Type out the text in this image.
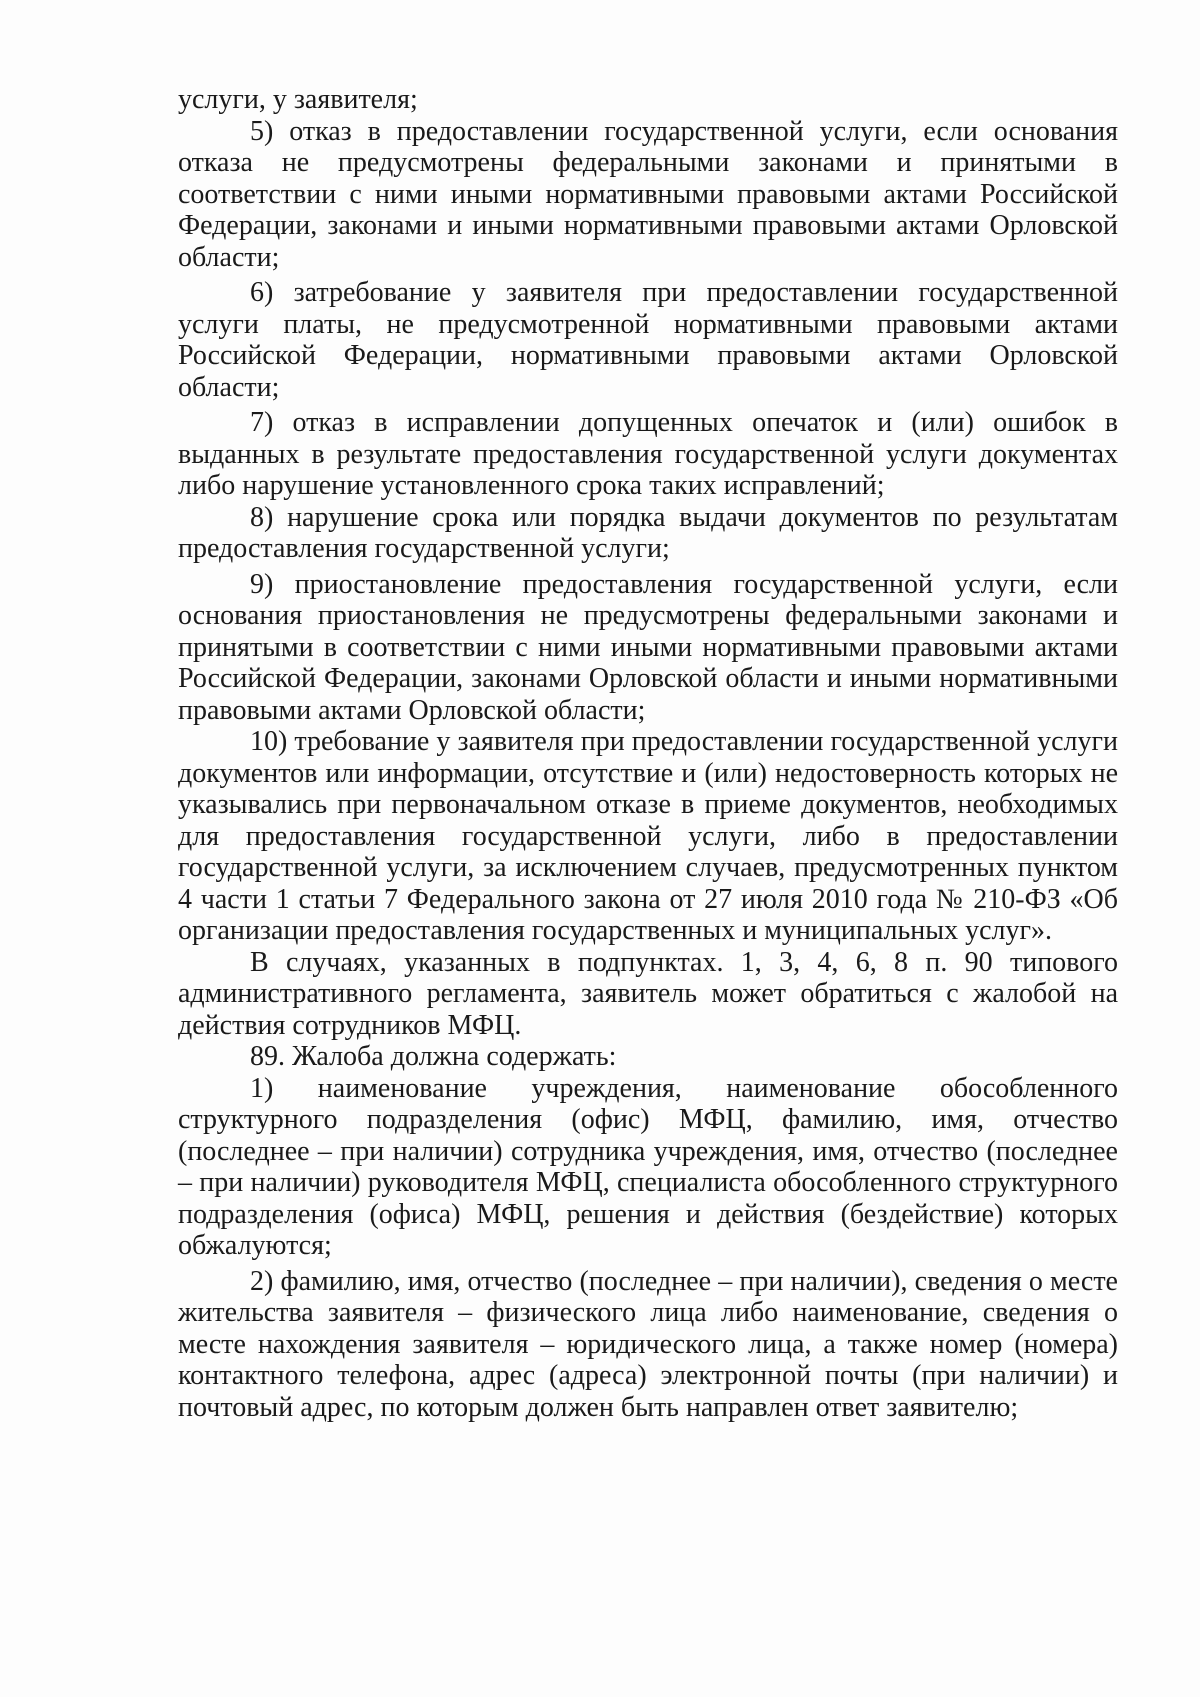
услуги, у заявителя;

5) отказ в предоставлении государственной услуги, если основания отказа не предусмотрены федеральными законами и принятыми в соответствии с ними иными нормативными правовыми актами Российской Федерации, законами и иными нормативными правовыми актами Орловской области;

6) затребование у заявителя при предоставлении государственной услуги платы, не предусмотренной нормативными правовыми актами Российской Федерации, нормативными правовыми актами Орловской области;

7) отказ в исправлении допущенных опечаток и (или) ошибок в выданных в результате предоставления государственной услуги документах либо нарушение установленного срока таких исправлений;

8) нарушение срока или порядка выдачи документов по результатам предоставления государственной услуги;

9) приостановление предоставления государственной услуги, если основания приостановления не предусмотрены федеральными законами и принятыми в соответствии с ними иными нормативными правовыми актами Российской Федерации, законами Орловской области и иными нормативными правовыми актами Орловской области;

10) требование у заявителя при предоставлении государственной услуги документов или информации, отсутствие и (или) недостоверность которых не указывались при первоначальном отказе в приеме документов, необходимых для предоставления государственной услуги, либо в предоставлении государственной услуги, за исключением случаев, предусмотренных пунктом 4 части 1 статьи 7 Федерального закона от 27 июля 2010 года № 210-ФЗ «Об организации предоставления государственных и муниципальных услуг».

В случаях, указанных в подпунктах. 1, 3, 4, 6, 8 п. 90 типового административного регламента, заявитель может обратиться с жалобой на действия сотрудников МФЦ.

89. Жалоба должна содержать:

1) наименование учреждения, наименование обособленного структурного подразделения (офис) МФЦ, фамилию, имя, отчество (последнее – при наличии) сотрудника учреждения, имя, отчество (последнее – при наличии) руководителя МФЦ, специалиста обособленного структурного подразделения (офиса) МФЦ, решения и действия (бездействие) которых обжалуются;

2) фамилию, имя, отчество (последнее – при наличии), сведения о месте жительства заявителя – физического лица либо наименование, сведения о месте нахождения заявителя – юридического лица, а также номер (номера) контактного телефона, адрес (адреса) электронной почты (при наличии) и почтовый адрес, по которым должен быть направлен ответ заявителю;
